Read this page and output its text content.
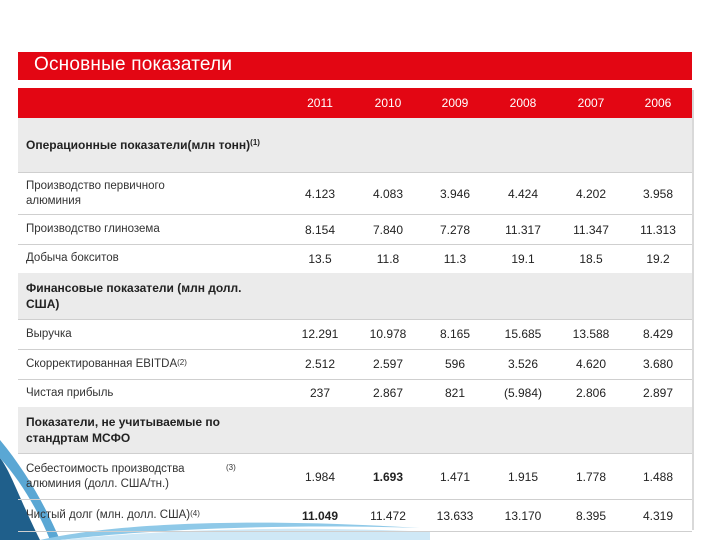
Основные показатели
	2011	2010	2009	2008	2007	2006
Операционные показатели(млн тонн)$^{(1)}$
Производство первичного алюминия	4.123	4.083	3.946	4.424	4.202	3.958
Производство глинозема	8.154	7.840	7.278	11.317	11.347	11.313
Добыча бокситов	13.5	11.8	11.3	19.1	18.5	19.2
Финансовые показатели (млн долл. США)						
Выручка	12.291	10.978	8.165	15.685	13.588	8.429
Скорректированная EBITDA$^{(2)}$	2.512	2.597	596	3.526	4.620	3.680
Чистая прибыль	237	2.867	821	(5.984)	2.806	2.897
Показатели, не учитываемые по стандртам МСФО						
Себестоимость производства алюминия (долл. США/тн.)$^{(3)}$	1.984	1.693	1.471	1.915	1.778	1.488
Чистый долг (млн. долл. США)$^{(4)}$	11.049	11.472	13.633	13.170	8.395	4.319
